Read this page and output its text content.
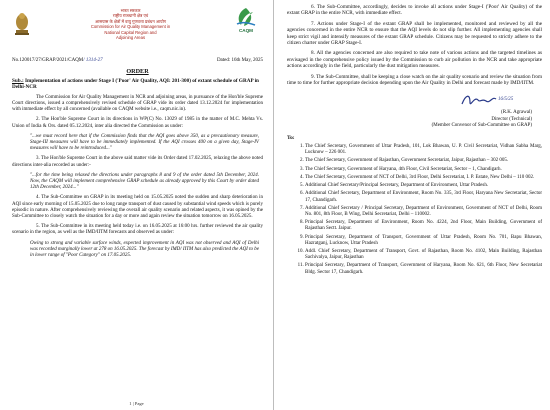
भारत सरकार
राष्ट्रीय राजधानी क्षेत्र एवं
आसपास के क्षेत्रों में वायु गुणवत्ता प्रबंधन आयोग
Commission for Air Quality Management in
National Capital Region and
Adjoining Areas
CAQM
No.120017/27/GRAP/2021/CAQM/ 1314-27	Dated: 16th May, 2025
ORDER
Sub.: Implementation of actions under Stage I ('Poor' Air Quality, AQI: 201-300) of extant schedule of GRAP in Delhi-NCR
The Commission for Air Quality Management in NCR and adjoining areas, in pursuance of the Hon'ble Supreme Court directions, issued a comprehensively revised schedule of GRAP vide its order dated 13.12.2024 for implementation with immediate effect by all concerned (available on CAQM website i.e., caqm.nic.in).
2. The Hon'ble Supreme Court in its directions in WP(C) No. 13029 of 1985 in the matter of M.C. Mehta Vs. Union of India & Ors. dated 05.12.2024, inter alia directed the Commission as under:
"...we must record here that if the Commission finds that the AQI goes above 350, as a precautionary measure, Stage-III measures will have to be immediately implemented. If the AQI crosses 400 on a given day, Stage-IV measures will have to be reintroduced..."
3. The Hon'ble Supreme Court in the above said matter vide its Order dated 17.02.2025, relaxing the above noted directions inter-alia recorded as under:-
"...for the time being relaxed the directions under paragraphs 8 and 9 of the order dated 5th December, 2024. Now, the CAQM will implement comprehensive GRAP schedule as already approved by this Court by order dated 12th December, 2024..."
4. The Sub-Committee on GRAP in its meeting held on 15.05.2025 noted the sudden and sharp deterioration in AQI since early morning of 15.05.2025 due to long range transport of dust caused by substantial wind speeds which is purely episodic in nature. After comprehensively reviewing the overall air quality scenario and related aspects, it was opined by the Sub-Committee to closely watch the situation for a day or more and again review the situation tomorrow on 16.05.2025.
5. The Sub-Committee in its meeting held today i.e. on 16.05.2025 at 16:00 hrs. further reviewed the air quality scenario in the region, as well as the IMD/IITM forecasts and observed as under:
Owing to strong and variable surface winds, expected improvement in AQI was not observed and AQI of Delhi was recorded marginally lower at 278 on 16.05.2025. The forecast by IMD/ IITM has also predicted the AQI to be in lower range of "Poor Category" on 17.05.2025.
1 | Page
6. The Sub-Committee, accordingly, decides to invoke all actions under Stage-I ('Poor' Air Quality) of the extant GRAP in the entire NCR, with immediate effect.
7. Actions under Stage-I of the extant GRAP shall be implemented, monitored and reviewed by all the agencies concerned in the entire NCR to ensure that the AQI levels do not slip further. All implementing agencies shall keep strict vigil and intensify measures of the extant GRAP schedule. Citizens may be requested to strictly adhere to the citizen charter under GRAP Stage-I.
8. All the agencies concerned are also required to take note of various actions and the targeted timelines as envisaged in the comprehensive policy issued by the Commission to curb air pollution in the NCR and take appropriate actions accordingly in the field, particularly the dust mitigation measures.
9. The Sub-Committee, shall be keeping a close watch on the air quality scenario and review the situation from time to time for further appropriate decision depending upon the Air Quality in Delhi and forecast made by IMD/IITM.
16/5/25
(R.K. Agrawal)
Director (Technical)
(Member Convenor of Sub-Committee on GRAP)
To:
1. The Chief Secretary, Government of Uttar Pradesh, 101, Lok Bhawan, U. P. Civil Secretariat, Vidhan Sabha Marg, Lucknow – 226 001.
2. The Chief Secretary, Government of Rajasthan, Government Secretariat, Jaipur, Rajasthan – 302 005.
3. The Chief Secretary, Government of Haryana, 4th Floor, Civil Secretariat, Sector – 1, Chandigarh.
4. The Chief Secretary, Government of NCT of Delhi, 3rd Floor, Delhi Secretariat, I. P. Estate, New Delhi – 110 002.
5. Additional Chief Secretary/Principal Secretary, Department of Environment, Uttar Pradesh.
6. Additional Chief Secretary, Department of Environment, Room No. 335, 3rd Floor, Haryana New Secretariat, Sector 17, Chandigarh.
7. Additional Chief Secretary / Principal Secretary, Department of Environment, Government of NCT of Delhi, Room No. 801, 8th Floor, B Wing, Delhi Secretariat, Delhi – 110002.
8. Principal Secretary, Department of Environment, Room No. 4224, 2nd Floor, Main Building, Government of Rajasthan Sectt. Jaipur.
9. Principal Secretary, Department of Transport, Government of Uttar Pradesh, Room No. 701, Bapu Bhawan, Hazratganj, Lucknow, Uttar Pradesh
10. Addl. Chief Secretary, Department of Transport, Govt. of Rajasthan, Room No. 4102, Main Building, Rajasthan Sachivalya, Jaipur, Rajasthan
11. Principal Secretary, Department of Transport, Government of Haryana, Room No. 621, 6th Floor, New Secretariat Bldg. Sector 17, Chandigarh.
